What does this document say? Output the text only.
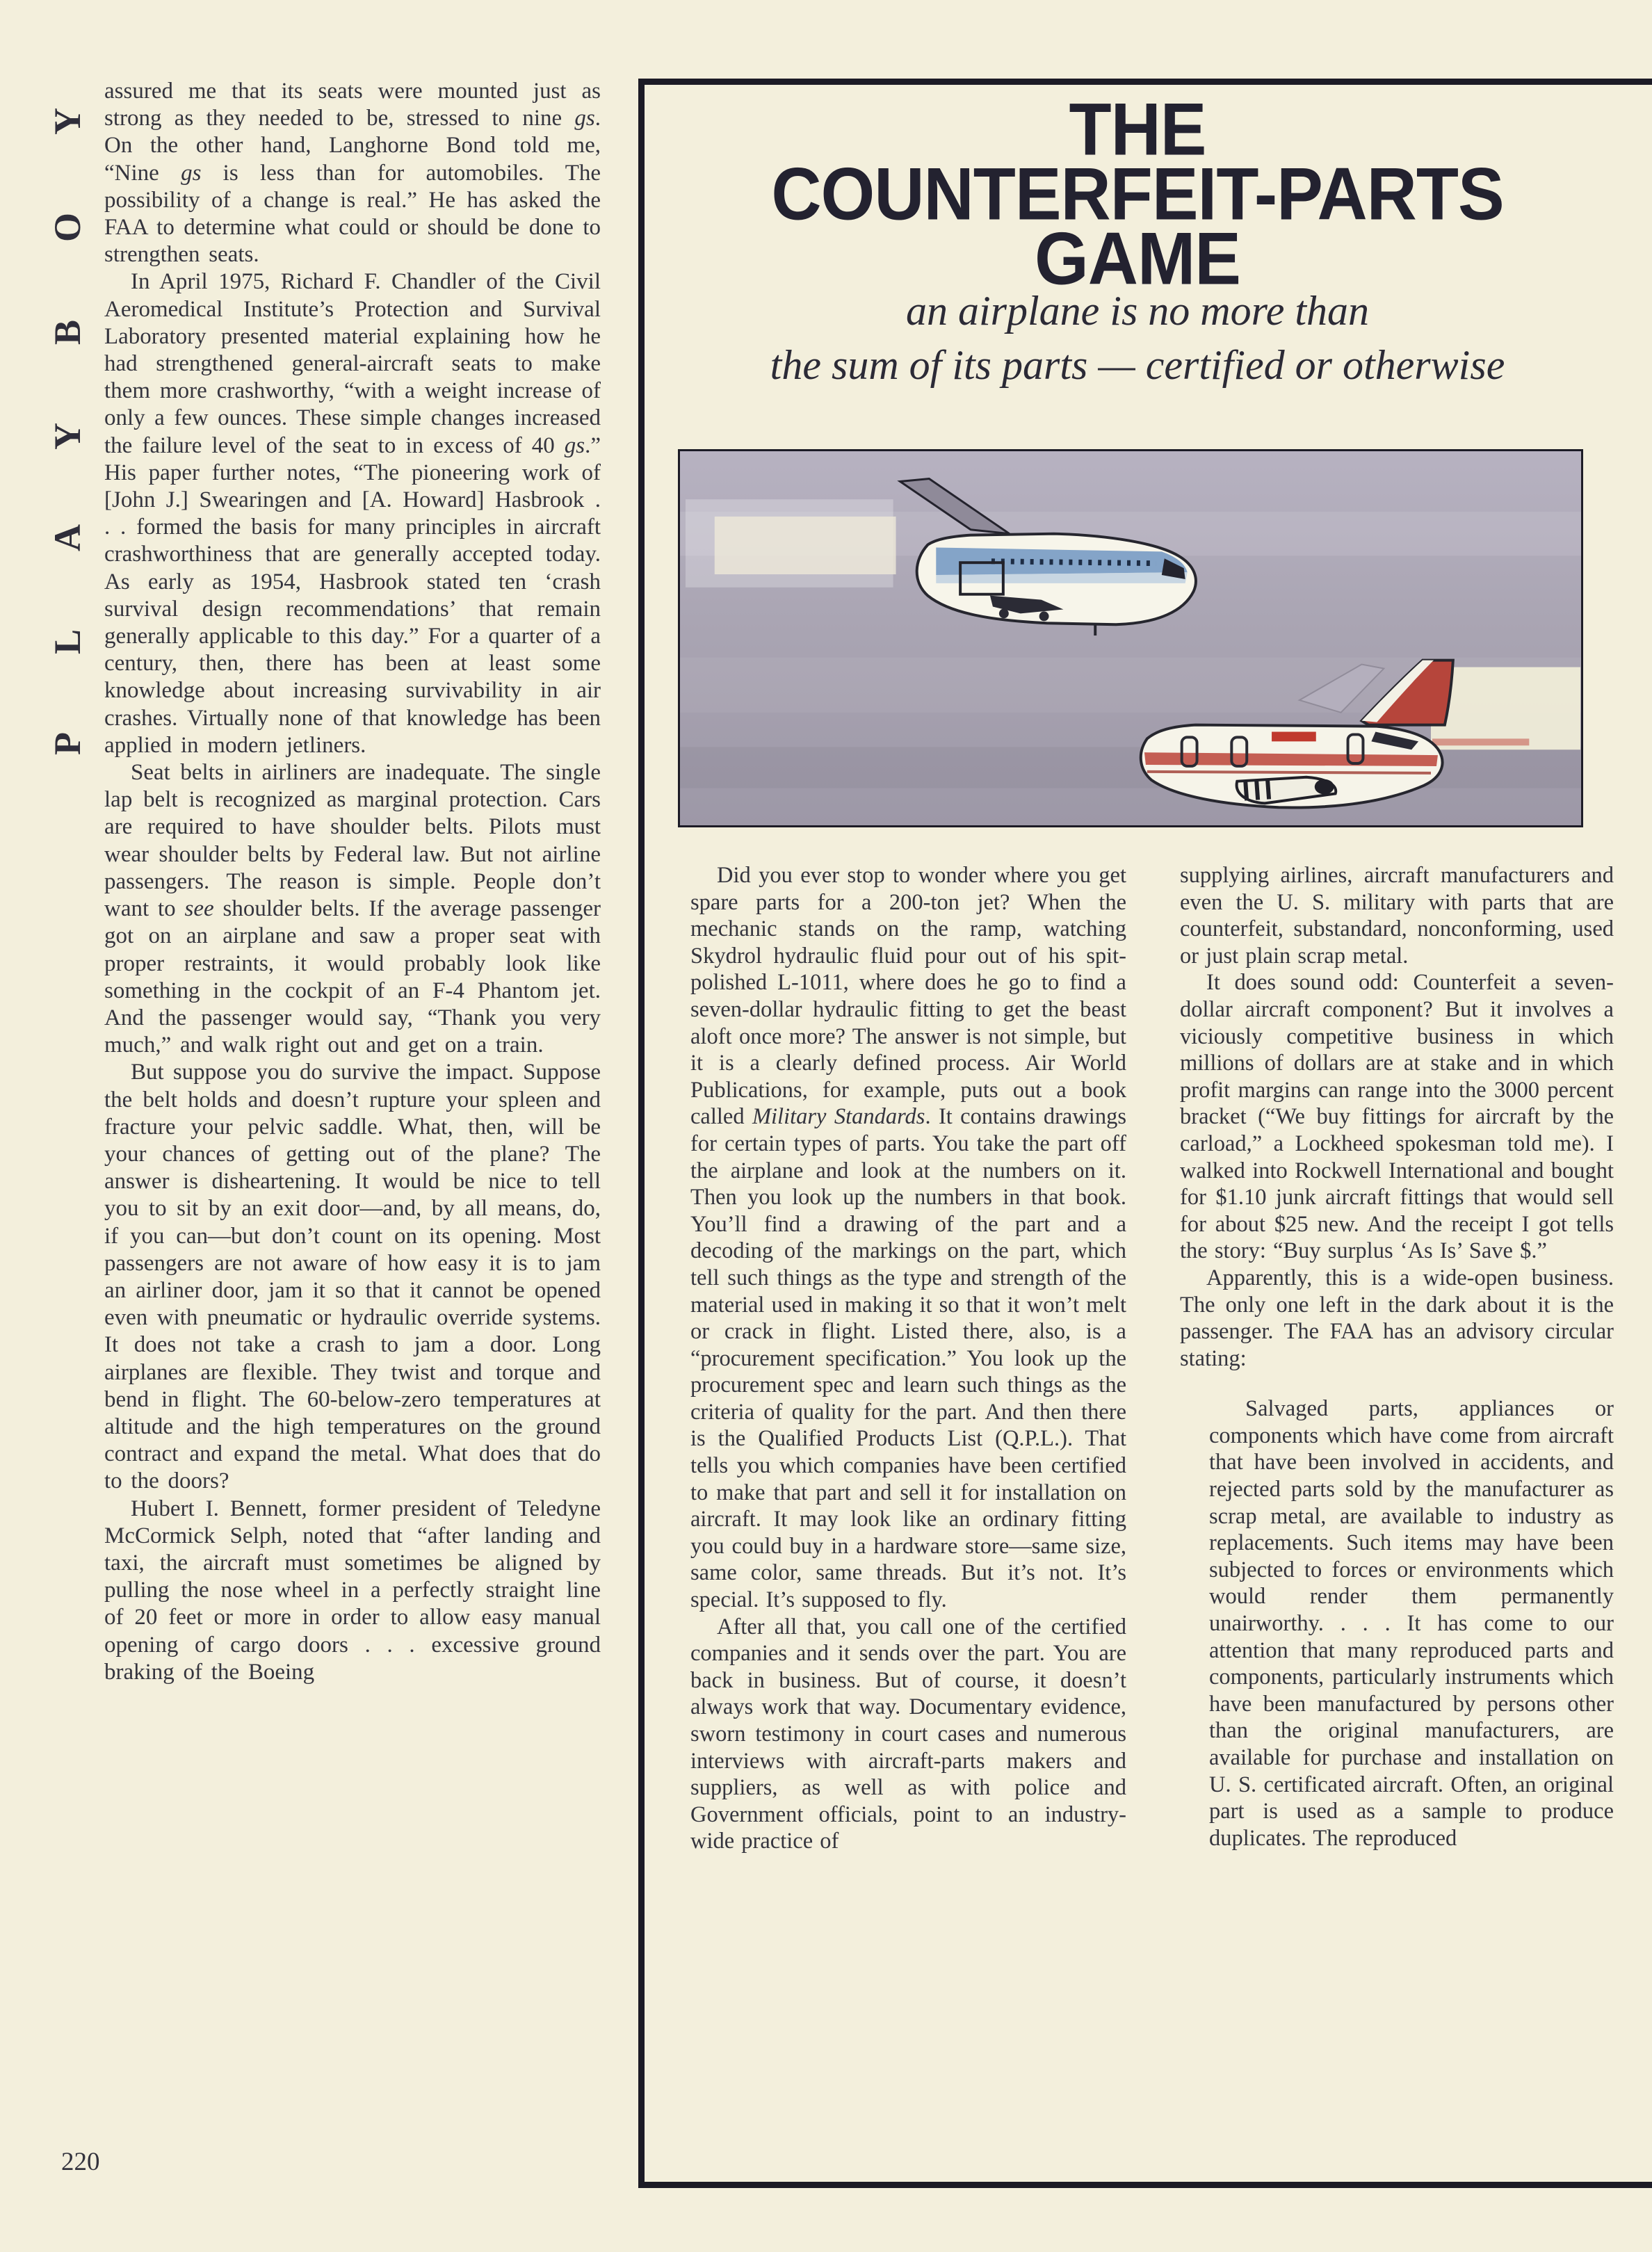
PLAYBOY assured me that its seats were mounted just as strong as they needed to be, stressed to nine gs. On the other hand, Langhorne Bond told me, “Nine gs is less than for automobiles. The possibility of a change is real.” He has asked the FAA to determine what could or should be done to strengthen seats.

In April 1975, Richard F. Chandler of the Civil Aeromedical Institute’s Protection and Survival Laboratory presented material explaining how he had strengthened general-aircraft seats to make them more crashworthy, “with a weight increase of only a few ounces. These simple changes increased the failure level of the seat to in excess of 40 gs.” His paper further notes, “The pioneering work of [John J.] Swearingen and [A. Howard] Hasbrook . . . formed the basis for many principles in aircraft crashworthiness that are generally accepted today. As early as 1954, Hasbrook stated ten ‘crash survival design recommendations’ that remain generally applicable to this day.” For a quarter of a century, then, there has been at least some knowledge about increasing survivability in air crashes. Virtually none of that knowledge has been applied in modern jetliners.

Seat belts in airliners are inadequate. The single lap belt is recognized as marginal protection. Cars are required to have shoulder belts. Pilots must wear shoulder belts by Federal law. But not airline passengers. The reason is simple. People don’t want to see shoulder belts. If the average passenger got on an airplane and saw a proper seat with proper restraints, it would probably look like something in the cockpit of an F-4 Phantom jet. And the passenger would say, “Thank you very much,” and walk right out and get on a train.

But suppose you do survive the impact. Suppose the belt holds and doesn’t rupture your spleen and fracture your pelvic saddle. What, then, will be your chances of getting out of the plane? The answer is disheartening. It would be nice to tell you to sit by an exit door—and, by all means, do, if you can—but don’t count on its opening. Most passengers are not aware of how easy it is to jam an airliner door, jam it so that it cannot be opened even with pneumatic or hydraulic override systems. It does not take a crash to jam a door. Long airplanes are flexible. They twist and torque and bend in flight. The 60-below-zero temperatures at altitude and the high temperatures on the ground contract and expand the metal. What does that do to the doors?

Hubert I. Bennett, former president of Teledyne McCormick Selph, noted that “after landing and taxi, the aircraft must sometimes be aligned by pulling the nose wheel in a perfectly straight line of 20 feet or more in order to allow easy manual opening of cargo doors . . . excessive ground braking of the Boeing

220
THE
COUNTERFEIT-PARTS
GAME
an airplane is no more than
the sum of its parts — certified or otherwise

Did you ever stop to wonder where you get spare parts for a 200-ton jet? When the mechanic stands on the ramp, watching Skydrol hydraulic fluid pour out of his spit-polished L-1011, where does he go to find a seven-dollar hydraulic fitting to get the beast aloft once more? The answer is not simple, but it is a clearly defined process. Air World Publications, for example, puts out a book called Military Standards. It contains drawings for certain types of parts. You take the part off the airplane and look at the numbers on it. Then you look up the numbers in that book. You’ll find a drawing of the part and a decoding of the markings on the part, which tell such things as the type and strength of the material used in making it so that it won’t melt or crack in flight. Listed there, also, is a “procurement specification.” You look up the procurement spec and learn such things as the criteria of quality for the part. And then there is the Qualified Products List (Q.P.L.). That tells you which companies have been certified to make that part and sell it for installation on aircraft. It may look like an ordinary fitting you could buy in a hardware store—same size, same color, same threads. But it’s not. It’s special. It’s supposed to fly.

After all that, you call one of the certified companies and it sends over the part. You are back in business. But of course, it doesn’t always work that way. Documentary evidence, sworn testimony in court cases and numerous interviews with aircraft-parts makers and suppliers, as well as with police and Government officials, point to an industry-wide practice of

supplying airlines, aircraft manufacturers and even the U. S. military with parts that are counterfeit, substandard, nonconforming, used or just plain scrap metal.

It does sound odd: Counterfeit a seven-dollar aircraft component? But it involves a viciously competitive business in which millions of dollars are at stake and in which profit margins can range into the 3000 percent bracket (“We buy fittings for aircraft by the carload,” a Lockheed spokesman told me). I walked into Rockwell International and bought for $1.10 junk aircraft fittings that would sell for about $25 new. And the receipt I got tells the story: “Buy surplus ‘As Is’ Save $.”

Apparently, this is a wide-open business. The only one left in the dark about it is the passenger. The FAA has an advisory circular stating:

Salvaged parts, appliances or components which have come from aircraft that have been involved in accidents, and rejected parts sold by the manufacturer as scrap metal, are available to industry as replacements. Such items may have been subjected to forces or environments which would render them permanently unairworthy. . . . It has come to our attention that many reproduced parts and components, particularly instruments which have been manufactured by persons other than the original manufacturers, are available for purchase and installation on U. S. certificated aircraft. Often, an original part is used as a sample to produce duplicates. The reproduced
